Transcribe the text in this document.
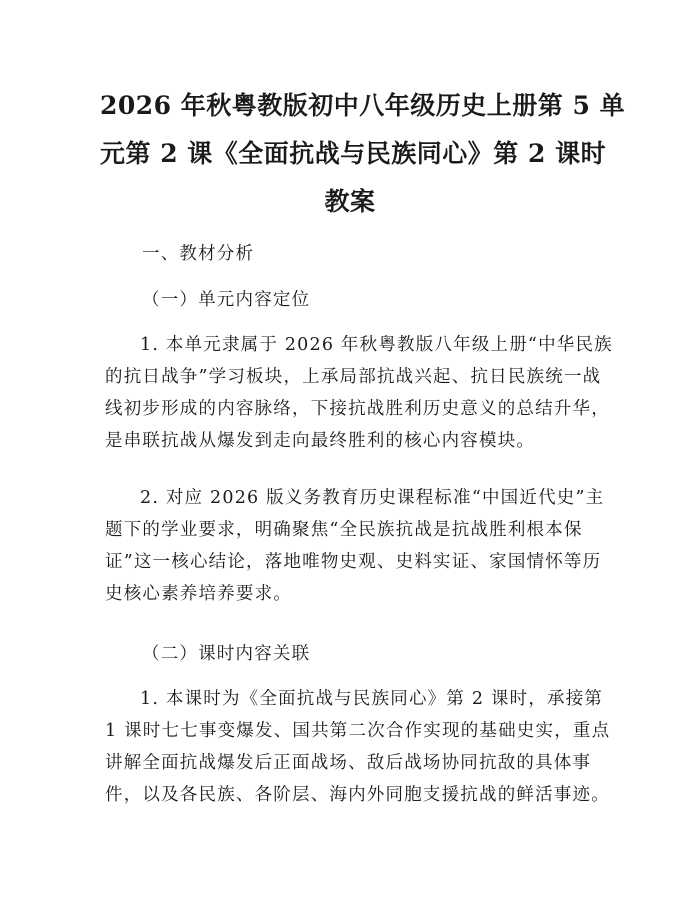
2026 年秋粤教版初中八年级历史上册第 5 单
元第 2 课《全面抗战与民族同心》第 2 课时
教案

一、教材分析

（一）单元内容定位

1. 本单元隶属于 2026 年秋粤教版八年级上册“中华民族
的抗日战争”学习板块，上承局部抗战兴起、抗日民族统一战
线初步形成的内容脉络，下接抗战胜利历史意义的总结升华，
是串联抗战从爆发到走向最终胜利的核心内容模块。

2. 对应 2026 版义务教育历史课程标准“中国近代史”主
题下的学业要求，明确聚焦“全民族抗战是抗战胜利根本保
证”这一核心结论，落地唯物史观、史料实证、家国情怀等历
史核心素养培养要求。

（二）课时内容关联

1. 本课时为《全面抗战与民族同心》第 2 课时，承接第
1 课时七七事变爆发、国共第二次合作实现的基础史实，重点
讲解全面抗战爆发后正面战场、敌后战场协同抗敌的具体事
件，以及各民族、各阶层、海内外同胞支援抗战的鲜活事迹。
